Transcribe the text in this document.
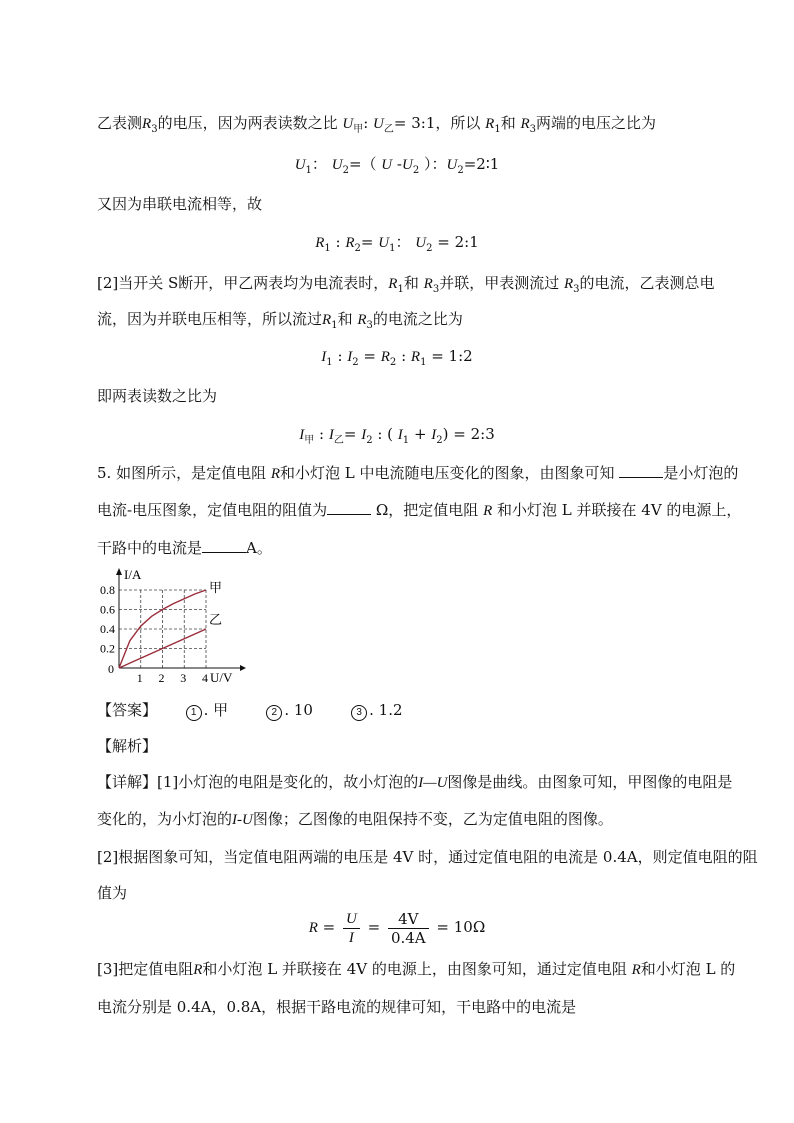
乙表测$R_3$的电压，因为两表读数之比 $U_甲$: $U_乙=$ 3:1，所以 $R_1$和 $R_3$两端的电压之比为
$U_1$： $U_2=$（ U $-U_2$ ）：$U_2=2∶1$
又因为串联电流相等，故
$R_1$ : $R_2= U_1$： $U_2$ = 2:1
[2]当开关 S断开，甲乙两表均为电流表时，$R_1$和 $R_3$并联，甲表测流过 $R_3$的电流，乙表测总电
流，因为并联电压相等，所以流过$R_1$和 $R_3$的电流之比为
$I_1$ : $I_2 = R_2$ : $R_1$ = 1:2
即两表读数之比为
$I_甲$ : $I_乙= I_2$ : ( $I_1 + I_2$) = 2:3
5. 如图所示，是定值电阻 R和小灯泡 L 中电流随电压变化的图象，由图象可知	是小灯泡的
电流-电压图象，定值电阻的阻值为	Ω，把定值电阻 R 和小灯泡 L 并联接在 4V 的电源上，
干路中的电流是	A。
I/A
U/V
0
1 2 3 4
0.2
0.4
0.6
0.8	甲
乙
【答案】	1 . 甲	2 . 10	3 . 1.2
【解析】
【详解】[1]小灯泡的电阻是变化的，故小灯泡的I—U图像是曲线。由图象可知，甲图像的电阻是
变化的，为小灯泡的I-U图像；乙图像的电阻保持不变，乙为定值电阻的图像。
[2]根据图象可知，当定值电阻两端的电压是 4V 时，通过定值电阻的电流是 0.4A，则定值电阻的阻
值为
$R = \frac{U}{I} = \frac{4V}{0.4A} = 10\Omega$
[3]把定值电阻R和小灯泡 L 并联接在 4V 的电源上，由图象可知，通过定值电阻 R和小灯泡 L 的
电流分别是 0.4A，0.8A，根据干路电流的规律可知，干电路中的电流是
